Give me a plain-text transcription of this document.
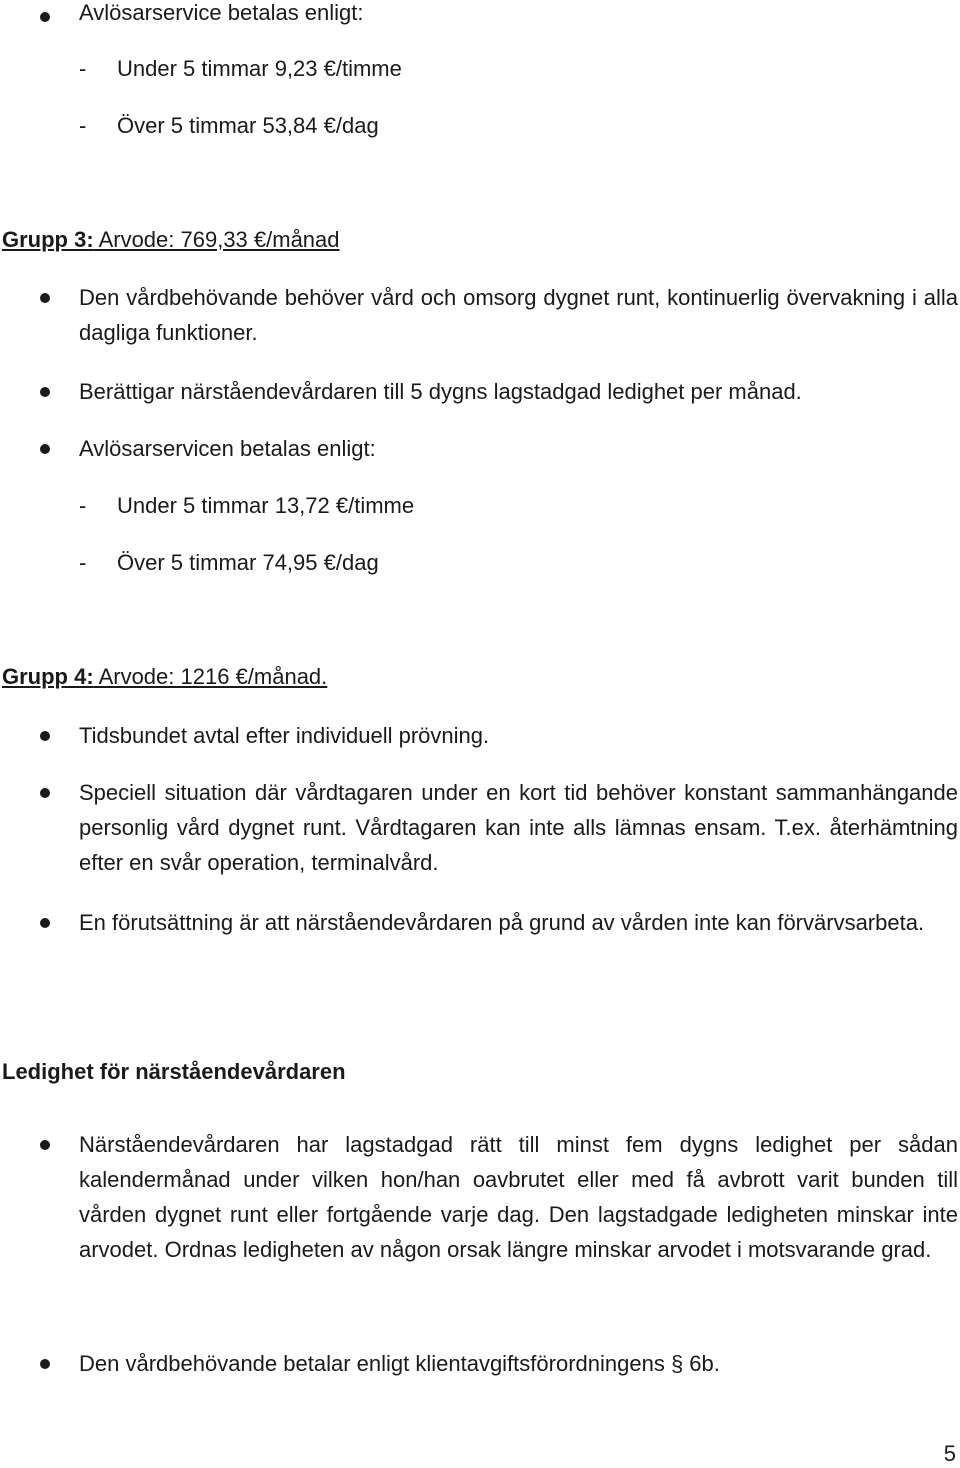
Avlösarservice betalas enligt:
- Under 5 timmar 9,23 €/timme
- Över 5 timmar 53,84 €/dag
Grupp 3: Arvode: 769,33 €/månad
Den vårdbehövande behöver vård och omsorg dygnet runt, kontinuerlig övervakning i alla dagliga funktioner.
Berättigar närståendevårdaren till 5 dygns lagstadgad ledighet per månad.
Avlösarservicen betalas enligt:
- Under 5 timmar 13,72 €/timme
- Över 5 timmar 74,95 €/dag
Grupp 4: Arvode: 1216 €/månad.
Tidsbundet avtal efter individuell prövning.
Speciell situation där vårdtagaren under en kort tid behöver konstant sammanhängande personlig vård dygnet runt. Vårdtagaren kan inte alls lämnas ensam. T.ex. återhämtning efter en svår operation, terminalvård.
En förutsättning är att närståendevårdaren på grund av vården inte kan förvärvsarbeta.
Ledighet för närståendevårdaren
Närståendevårdaren har lagstadgad rätt till minst fem dygns ledighet per sådan kalendermånad under vilken hon/han oavbrutet eller med få avbrott varit bunden till vården dygnet runt eller fortgående varje dag. Den lagstadgade ledigheten minskar inte arvodet. Ordnas ledigheten av någon orsak längre minskar arvodet i motsvarande grad.
Den vårdbehövande betalar enligt klientavgiftsförordningens § 6b.
5
